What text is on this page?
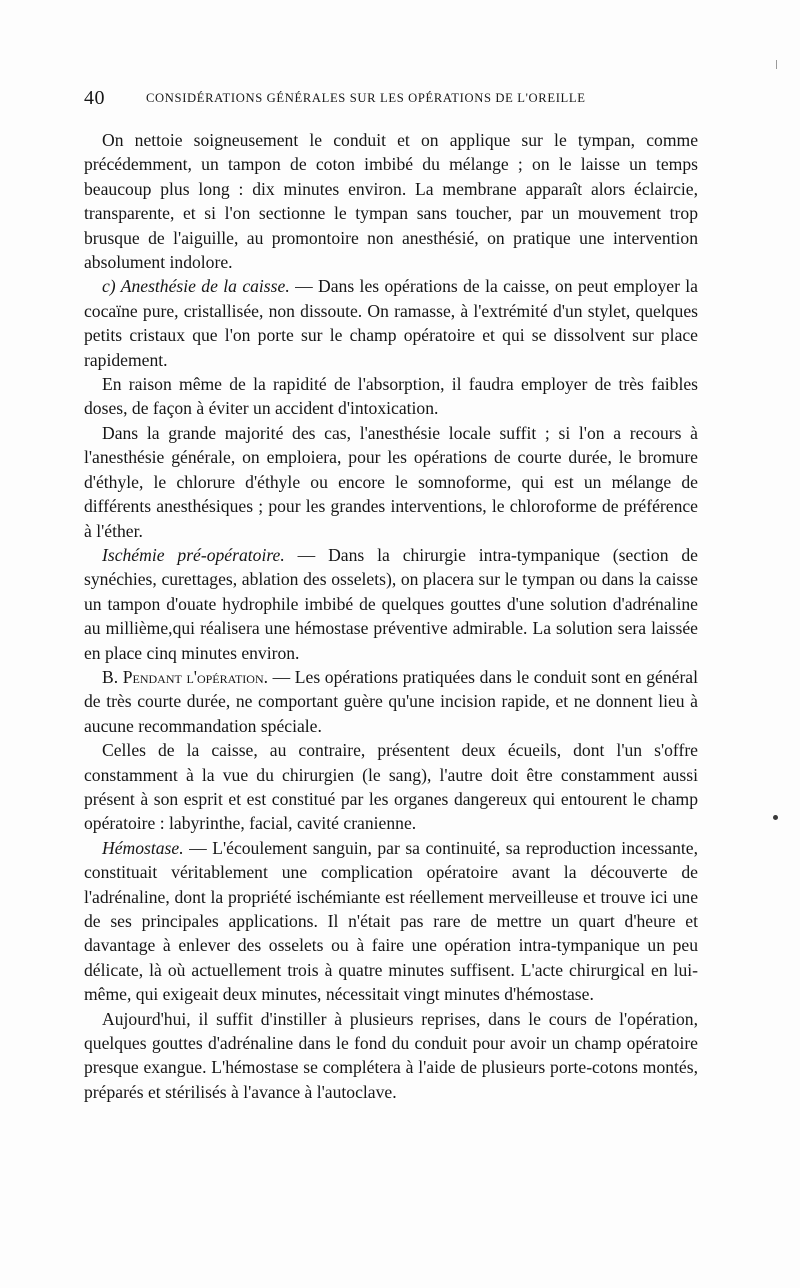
40	CONSIDÉRATIONS GÉNÉRALES SUR LES OPÉRATIONS DE L'OREILLE

On nettoie soigneusement le conduit et on applique sur le tympan, comme précédemment, un tampon de coton imbibé du mélange ; on le laisse un temps beaucoup plus long : dix minutes environ. La membrane apparaît alors éclaircie, transparente, et si l'on sectionne le tympan sans toucher, par un mouvement trop brusque de l'aiguille, au promontoire non anesthésié, on pratique une intervention absolument indolore.

c) Anesthésie de la caisse. — Dans les opérations de la caisse, on peut employer la cocaïne pure, cristallisée, non dissoute. On ramasse, à l'extrémité d'un stylet, quelques petits cristaux que l'on porte sur le champ opératoire et qui se dissolvent sur place rapidement.

En raison même de la rapidité de l'absorption, il faudra employer de très faibles doses, de façon à éviter un accident d'intoxication.

Dans la grande majorité des cas, l'anesthésie locale suffit ; si l'on a recours à l'anesthésie générale, on emploiera, pour les opérations de courte durée, le bromure d'éthyle, le chlorure d'éthyle ou encore le somnoforme, qui est un mélange de différents anesthésiques ; pour les grandes interventions, le chloroforme de préférence à l'éther.

Ischémie pré-opératoire. — Dans la chirurgie intra-tympanique (section de synéchies, curettages, ablation des osselets), on placera sur le tympan ou dans la caisse un tampon d'ouate hydrophile imbibé de quelques gouttes d'une solution d'adrénaline au millième,qui réalisera une hémostase préventive admirable. La solution sera laissée en place cinq minutes environ.

B. Pendant l'opération. — Les opérations pratiquées dans le conduit sont en général de très courte durée, ne comportant guère qu'une incision rapide, et ne donnent lieu à aucune recommandation spéciale.

Celles de la caisse, au contraire, présentent deux écueils, dont l'un s'offre constamment à la vue du chirurgien (le sang), l'autre doit être constamment aussi présent à son esprit et est constitué par les organes dangereux qui entourent le champ opératoire : labyrinthe, facial, cavité cranienne.

Hémostase. — L'écoulement sanguin, par sa continuité, sa reproduction incessante, constituait véritablement une complication opératoire avant la découverte de l'adrénaline, dont la propriété ischémiante est réellement merveilleuse et trouve ici une de ses principales applications. Il n'était pas rare de mettre un quart d'heure et davantage à enlever des osselets ou à faire une opération intra-tympanique un peu délicate, là où actuellement trois à quatre minutes suffisent. L'acte chirurgical en lui-même, qui exigeait deux minutes, nécessitait vingt minutes d'hémostase.

Aujourd'hui, il suffit d'instiller à plusieurs reprises, dans le cours de l'opération, quelques gouttes d'adrénaline dans le fond du conduit pour avoir un champ opératoire presque exangue. L'hémostase se complétera à l'aide de plusieurs porte-cotons montés, préparés et stérilisés à l'avance à l'autoclave.
